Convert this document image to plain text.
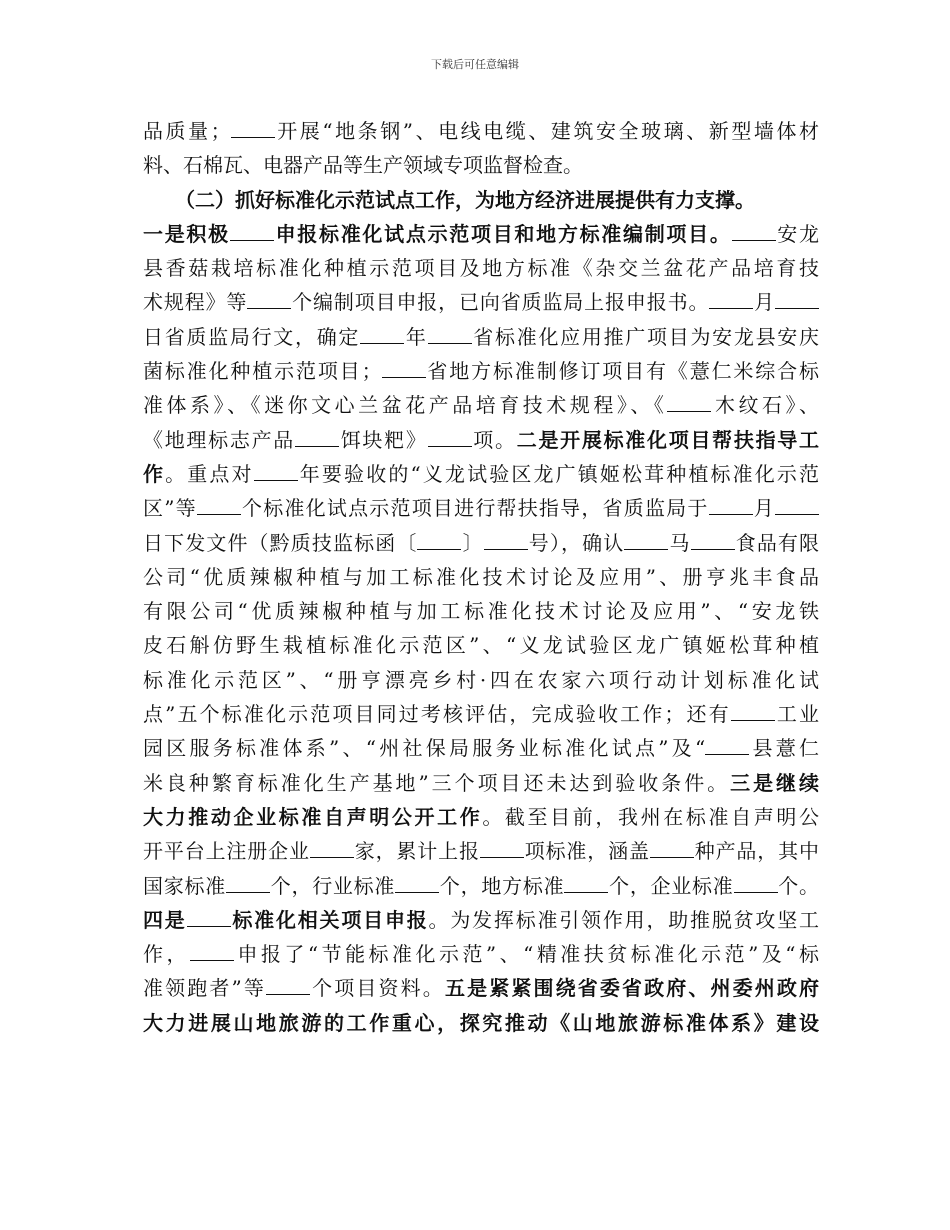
下载后可任意编辑
品质量； 开展“地条钢”、电线电缆、建筑安全玻璃、新型墙体材
料、石棉瓦、电器产品等生产领域专项监督检查。
（二）抓好标准化示范试点工作，为地方经济进展提供有力支撑。
一是积极 申报标准化试点示范项目和地方标准编制项目。 安龙
县香菇栽培标准化种植示范项目及地方标准《杂交兰盆花产品培育技
术规程》等 个编制项目申报，已向省质监局上报申报书。 月
日省质监局行文，确定 年 省标准化应用推广项目为安龙县安庆
菌标准化种植示范项目； 省地方标准制修订项目有《薏仁米综合标
准体系》、《迷你文心兰盆花产品培育技术规程》、《 木纹石》、
《地理标志产品 饵块粑》 项。二是开展标准化项目帮扶指导工
作。重点对 年要验收的“义龙试验区龙广镇姬松茸种植标准化示范
区”等 个标准化试点示范项目进行帮扶指导，省质监局于 月
日下发文件（黔质技监标函〔 〕 号），确认 马 食品有限
公司“优质辣椒种植与加工标准化技术讨论及应用”、册亨兆丰食品
有限公司“优质辣椒种植与加工标准化技术讨论及应用”、“安龙铁
皮石斛仿野生栽植标准化示范区”、“义龙试验区龙广镇姬松茸种植
标准化示范区”、“册亨漂亮乡村·四在农家六项行动计划标准化试
点”五个标准化示范项目同过考核评估，完成验收工作；还有 工业
园区服务标准体系”、“州社保局服务业标准化试点”及“ 县薏仁
米良种繁育标准化生产基地”三个项目还未达到验收条件。三是继续
大力推动企业标准自声明公开工作。截至目前，我州在标准自声明公
开平台上注册企业 家，累计上报 项标准，涵盖 种产品，其中
国家标准 个，行业标准 个，地方标准 个，企业标准 个。
四是 标准化相关项目申报。为发挥标准引领作用，助推脱贫攻坚工
作， 申报了“节能标准化示范”、“精准扶贫标准化示范”及“标
准领跑者”等 个项目资料。五是紧紧围绕省委省政府、州委州政府
大力进展山地旅游的工作重心，探究推动《山地旅游标准体系》建设
